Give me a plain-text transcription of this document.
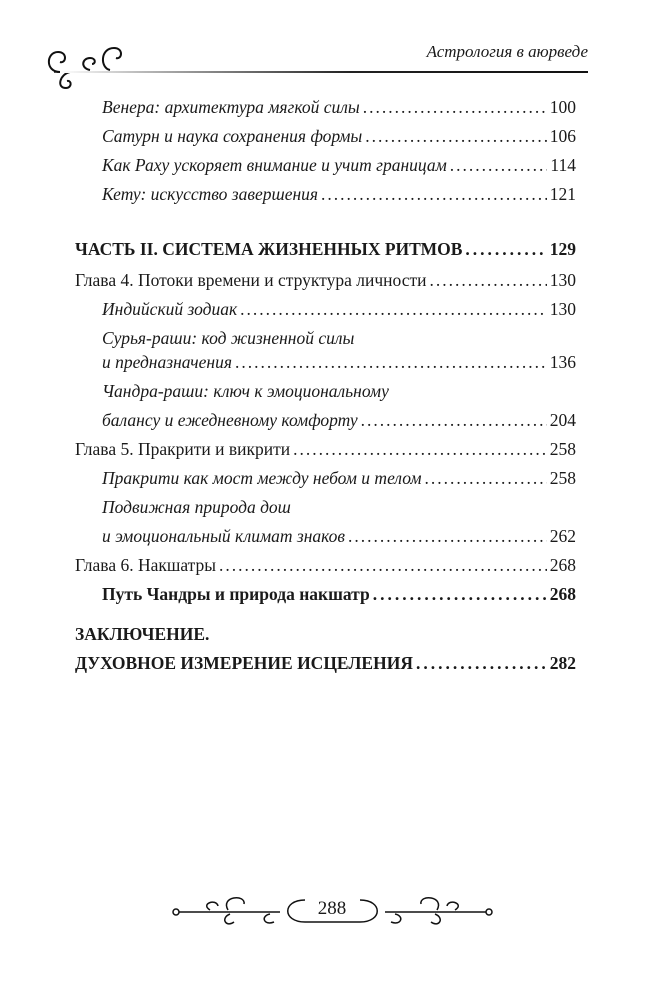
Астрология в аюрведе
Венера: архитектура мягкой силы .....	100
Сатурн и наука сохранения формы .....	106
Как Раху ускоряет внимание и учит границам .....	114
Кету: искусство завершения .....	121
ЧАСТЬ II. СИСТЕМА ЖИЗНЕННЫХ РИТМОВ .....	129
Глава 4. Потоки времени и структура личности .....	130
Индийский зодиак .....	130
Сурья-раши: код жизненной силы
и предназначения .....	136
Чандра-раши: ключ к эмоциональному
балансу и ежедневному комфорту .....	204
Глава 5. Пракрити и викрити .....	258
Пракрити как мост между небом и телом .....	258
Подвижная природа дош
и эмоциональный климат знаков .....	262
Глава 6. Накшатры .....	268
Путь Чандры и природа накшатр .....	268
ЗАКЛЮЧЕНИЕ.
ДУХОВНОЕ ИЗМЕРЕНИЕ ИСЦЕЛЕНИЯ .....	282
288
